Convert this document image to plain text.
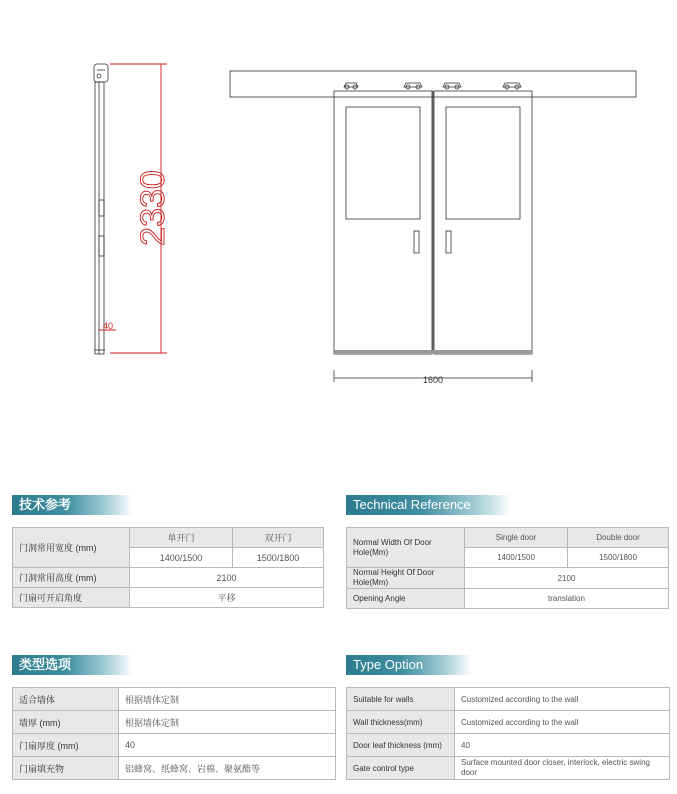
2330
40
1600
技术参考
门洞常用宽度 (mm)	单开门	双开门
	1400/1500	1500/1800
门洞常用高度 (mm)	2100	
门扇可开启角度	平移	
Technical Reference
Normal Width Of Door Hole(Mm)	Single door	Double door
	1400/1500	1500/1800
Normal Height Of Door Hole(Mm)	2100	
Opening Angle	translation	
类型选项
适合墙体	根据墙体定制
墙厚 (mm)	根据墙体定制
门扇厚度 (mm)	40
门扇填充物	铝蜂窝、纸蜂窝、岩棉、聚氨酯等
Type Option
Suitable for walls	Customized according to the wall
Wall thickness(mm)	Customized according to the wall
Door leaf thickness (mm)	40
Gate control type	Surface mounted door closer, interlock, electric swing door
